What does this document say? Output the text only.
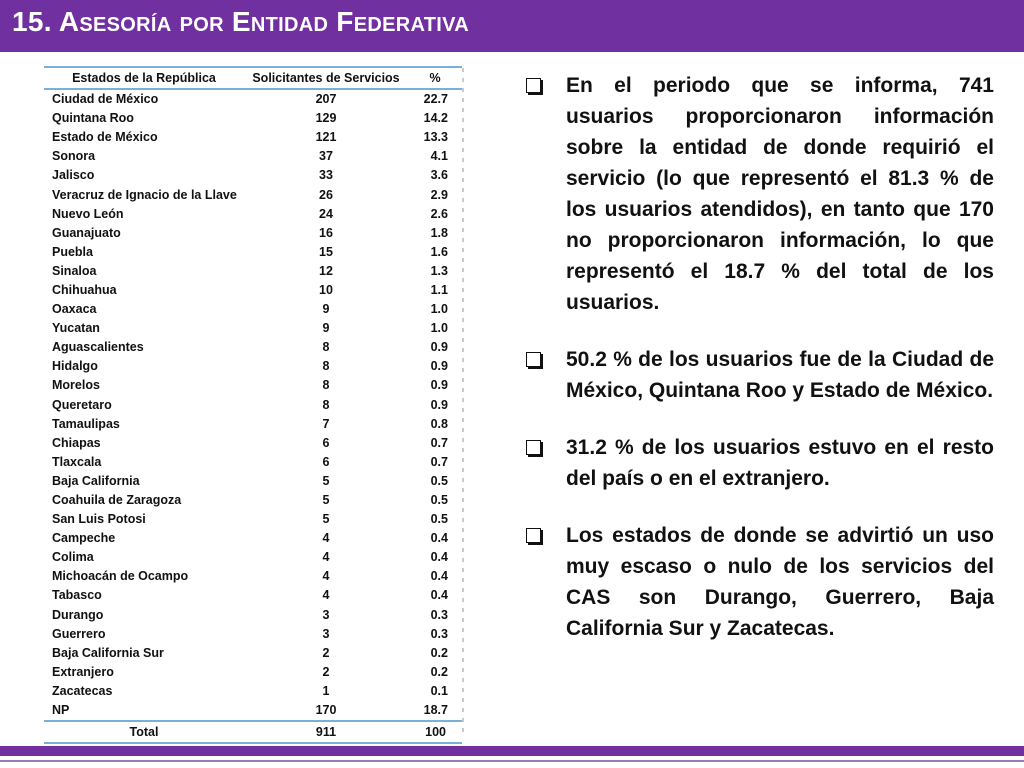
15. Asesoría por Entidad Federativa
Estados de la República	Solicitantes de Servicios	%
Ciudad de México	207	22.7
Quintana Roo	129	14.2
Estado de México	121	13.3
Sonora	37	4.1
Jalisco	33	3.6
Veracruz de Ignacio de la Llave	26	2.9
Nuevo León	24	2.6
Guanajuato	16	1.8
Puebla	15	1.6
Sinaloa	12	1.3
Chihuahua	10	1.1
Oaxaca	9	1.0
Yucatan	9	1.0
Aguascalientes	8	0.9
Hidalgo	8	0.9
Morelos	8	0.9
Queretaro	8	0.9
Tamaulipas	7	0.8
Chiapas	6	0.7
Tlaxcala	6	0.7
Baja California	5	0.5
Coahuila de Zaragoza	5	0.5
San Luis Potosi	5	0.5
Campeche	4	0.4
Colima	4	0.4
Michoacán de Ocampo	4	0.4
Tabasco	4	0.4
Durango	3	0.3
Guerrero	3	0.3
Baja California Sur	2	0.2
Extranjero	2	0.2
Zacatecas	1	0.1
NP	170	18.7
Total	911	100
En el periodo que se informa, 741 usuarios proporcionaron información sobre la entidad de donde requirió el servicio (lo que representó el 81.3 % de los usuarios atendidos), en tanto que 170 no proporcionaron información, lo que representó el 18.7 % del total de los usuarios.
50.2 % de los usuarios fue de la Ciudad de México, Quintana Roo y Estado de México.
31.2 % de los usuarios estuvo en el resto del país o en el extranjero.
Los estados de donde se advirtió un uso muy escaso o nulo de los servicios del CAS son Durango, Guerrero, Baja California Sur y Zacatecas.
